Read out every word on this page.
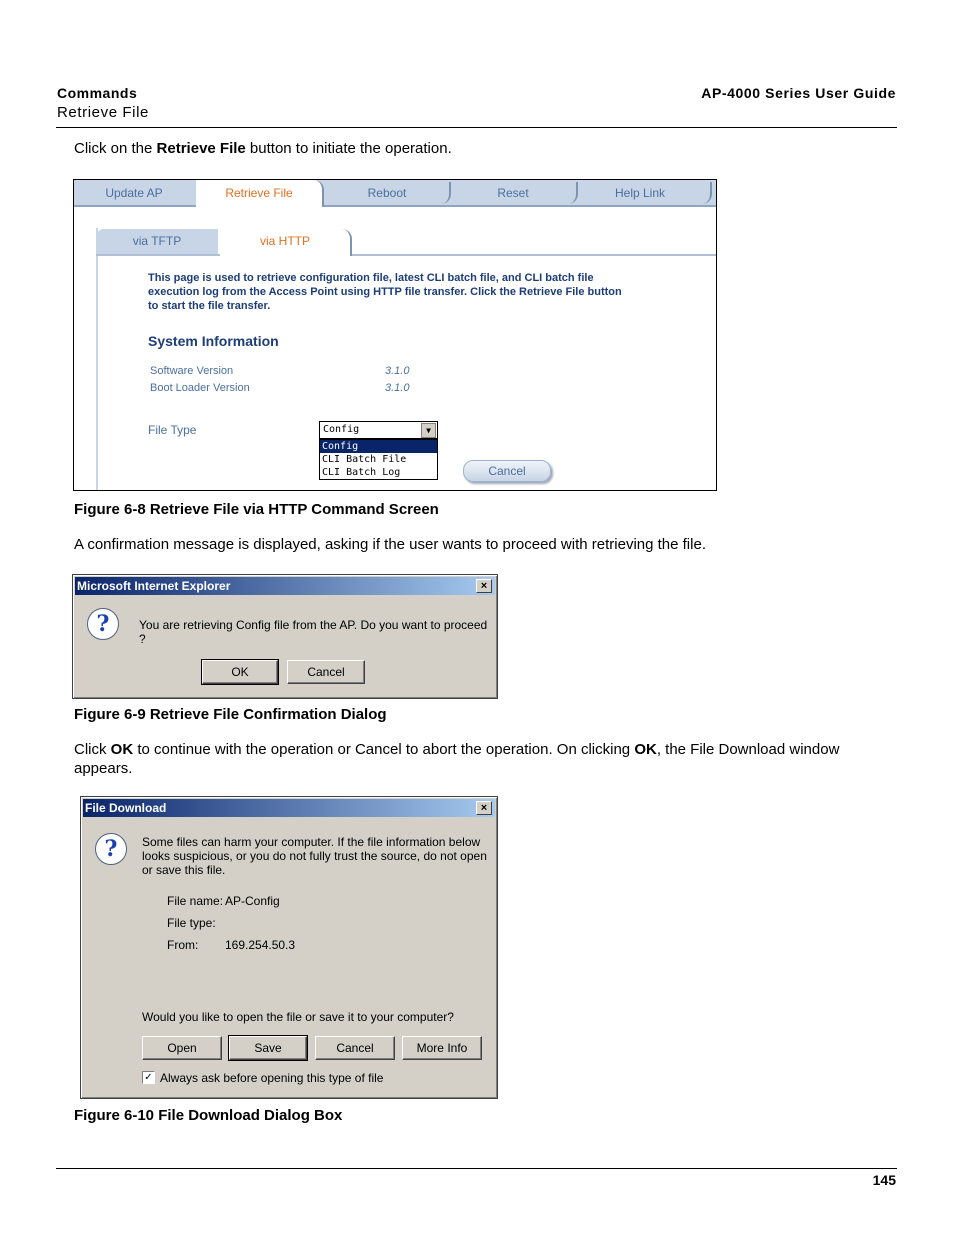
Commands
Retrieve File
AP-4000 Series User Guide
Click on the Retrieve File button to initiate the operation.
Update AP	Retrieve File	Reboot	Reset	Help Link
via TFTP	via HTTP
This page is used to retrieve configuration file, latest CLI batch file, and CLI batch file execution log from the Access Point using HTTP file transfer. Click the Retrieve File button to start the file transfer.
System Information
Software Version	3.1.0
Boot Loader Version	3.1.0
File Type	Config	▼
Config
CLI Batch File
CLI Batch Log	Cancel
Figure 6-8 Retrieve File via HTTP Command Screen
A confirmation message is displayed, asking if the user wants to proceed with retrieving the file.
Microsoft Internet Explorer	×
?	You are retrieving Config file from the AP. Do you want to proceed ?
OK	Cancel
Figure 6-9 Retrieve File Confirmation Dialog
Click OK to continue with the operation or Cancel to abort the operation. On clicking OK, the File Download window appears.
File Download	×
?	Some files can harm your computer. If the file information below looks suspicious, or you do not fully trust the source, do not open or save this file.
File name: AP-Config
File type:
From: 169.254.50.3
Would you like to open the file or save it to your computer?
Open	Save	Cancel	More Info
✓ Always ask before opening this type of file
Figure 6-10 File Download Dialog Box
145
